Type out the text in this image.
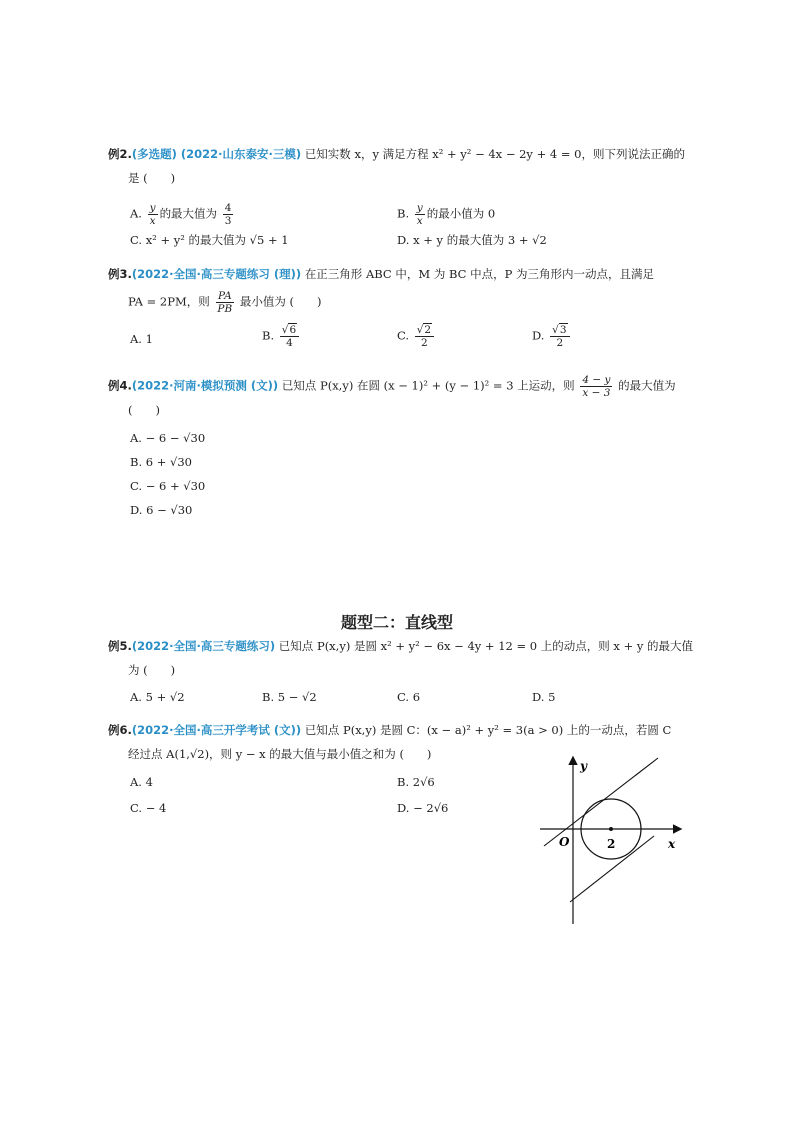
例2.(多选题) (2022·山东泰安·三模) 已知实数 x，y 满足方程 x² + y² − 4x − 2y + 4 = 0，则下列说法正确的
是 (　　)
A. $\frac{y}{x}$ 的最大值为 $\frac{4}{3}$	B. $\frac{y}{x}$ 的最小值为 0
C. x² + y² 的最大值为 √5 + 1	D. x + y 的最大值为 3 + √2
例3.(2022·全国·高三专题练习 (理)) 在正三角形 ABC 中，M 为 BC 中点，P 为三角形内一动点，且满足
PA = 2PM，则 $\frac{PA}{PB}$ 最小值为 (　　)
A. 1	B. $\frac{√6}{4}$	C. $\frac{√2}{2}$	D. $\frac{√3}{2}$
例4.(2022·河南·模拟预测 (文)) 已知点 P(x,y) 在圆 (x − 1)² + (y − 1)² = 3 上运动，则 $\frac{4 - y}{x - 3}$ 的最大值为
(　　)
A. − 6 − √30
B. 6 + √30
C. − 6 + √30
D. 6 − √30
题型二：直线型
例5.(2022·全国·高三专题练习) 已知点 P(x,y) 是圆 x² + y² − 6x − 4y + 12 = 0 上的动点，则 x + y 的最大值
为 (　　)
A. 5 + √2	B. 5 − √2	C. 6	D. 5
例6.(2022·全国·高三开学考试 (文)) 已知点 P(x,y) 是圆 C：(x − a)² + y² = 3(a > 0) 上的一动点，若圆 C
经过点 A(1,√2)，则 y − x 的最大值与最小值之和为 (　　)
A. 4	B. 2√6
C. − 4	D. − 2√6
y
x
O	2
